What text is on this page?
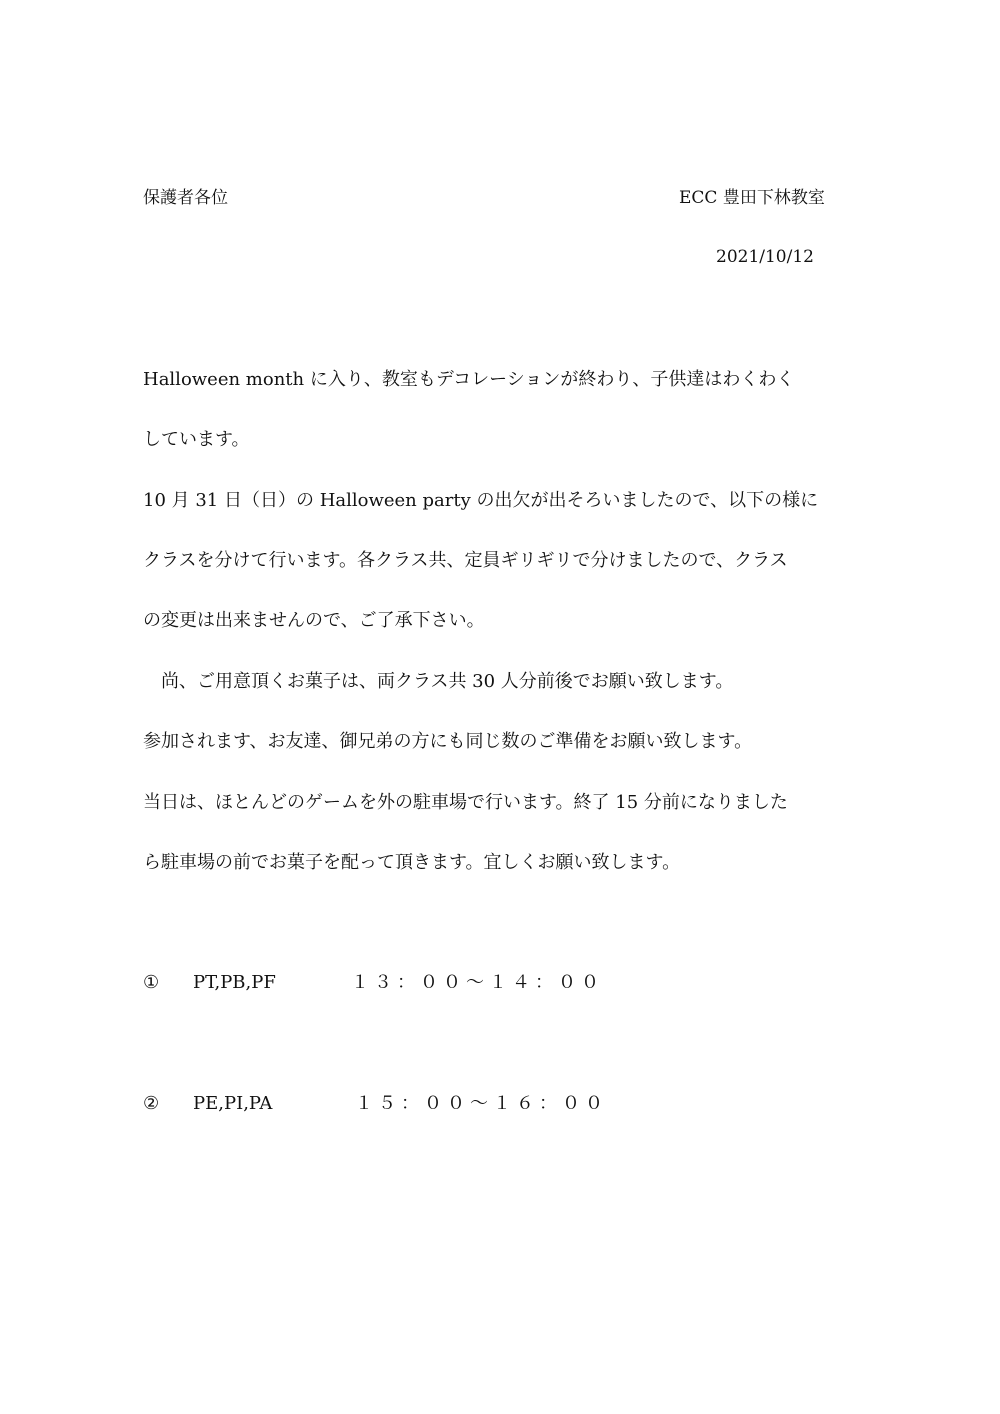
保護者各位	ECC 豊田下林教室
2021/10/12
Halloween month に入り、教室もデコレーションが終わり、子供達はわくわく
しています。
10 月 31 日（日）の Halloween party の出欠が出そろいましたので、以下の様に
クラスを分けて行います。各クラス共、定員ギリギリで分けましたので、クラス
の変更は出来ませんので、ご了承下さい。
　尚、ご用意頂くお菓子は、両クラス共 30 人分前後でお願い致します。
参加されます、お友達、御兄弟の方にも同じ数のご準備をお願い致します。
当日は、ほとんどのゲームを外の駐車場で行います。終了 15 分前になりました
ら駐車場の前でお菓子を配って頂きます。宜しくお願い致します。
① PT,PB,PF	１３：００～１４：００
② PE,PI,PA	１５：００～１６：００
